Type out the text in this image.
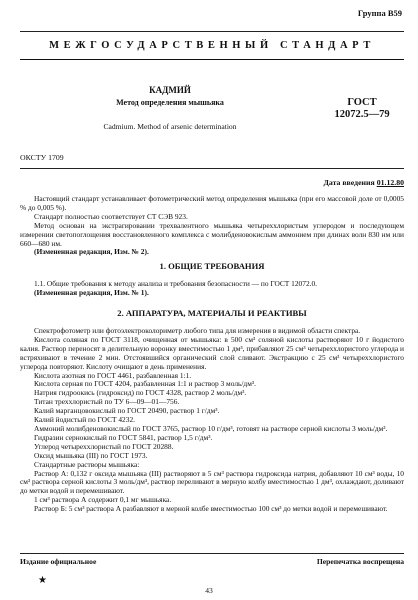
Группа В59
МЕЖГОСУДАРСТВЕННЫЙ СТАНДАРТ
КАДМИЙ
Метод определения мышьяка
Cadmium. Method of arsenic determination
ГОСТ
12072.5—79
ОКСТУ 1709
Дата введения 01.12.80

Настоящий стандарт устанавливает фотометрический метод определения мышьяка (при его массовой доле от 0,0005 % до 0,005 %).

Стандарт полностью соответствует СТ СЭВ 923.

Метод основан на экстрагировании трехвалентного мышьяка четыреххлористым углеродом и последующем измерении светопоглощения восстановленного комплекса с молибденовокислым аммонием при длинах волн 830 нм или 660—680 нм.

(Измененная редакция, Изм. № 2).

1. ОБЩИЕ ТРЕБОВАНИЯ

1.1. Общие требования к методу анализа и требования безопасности — по ГОСТ 12072.0.

(Измененная редакция, Изм. № 1).

2. АППАРАТУРА, МАТЕРИАЛЫ И РЕАКТИВЫ

Спектрофотометр или фотоэлектроколориметр любого типа для измерения в видимой области спектра.

Кислота соляная по ГОСТ 3118, очищенная от мышьяка: в 500 см³ соляной кислоты растворяют 10 г йодистого калия. Раствор переносят в делительную воронку вместимостью 1 дм³, прибавляют 25 см³ четыреххлористого углерода и встряхивают в течение 2 мин. Отстоявшийся органический слой сливают. Экстракцию с 25 см³ четыреххлористого углерода повторяют. Кислоту очищают в день применения.

Кислота азотная по ГОСТ 4461, разбавленная 1:1.

Кислота серная по ГОСТ 4204, разбавленная 1:1 и раствор 3 моль/дм³.

Натрия гидроокись (гидроксид) по ГОСТ 4328, раствор 2 моль/дм³.

Титан треххлористый по ТУ 6—09—01—756.

Калий марганцовокислый по ГОСТ 20490, раствор 1 г/дм³.

Калий йодистый по ГОСТ 4232.

Аммоний молибденовокислый по ГОСТ 3765, раствор 10 г/дм³, готовят на растворе серной кислоты 3 моль/дм³.

Гидразин сернокислый по ГОСТ 5841, раствор 1,5 г/дм³.

Углерод четыреххлористый по ГОСТ 20288.

Оксид мышьяка (III) по ГОСТ 1973.

Стандартные растворы мышьяка:

Раствор А: 0,132 г оксида мышьяка (III) растворяют в 5 см³ раствора гидроксида натрия, добавляют 10 см³ воды, 10 см³ раствора серной кислоты 3 моль/дм³, раствор переливают в мерную колбу вместимостью 1 дм³, охлаждают, доливают до метки водой и перемешивают.

1 см³ раствора А содержит 0,1 мг мышьяка.

Раствор Б: 5 см³ раствора А разбавляют в мерной колбе вместимостью 100 см³ до метки водой и перемешивают.

Издание официальное	Перепечатка воспрещена
★
43
